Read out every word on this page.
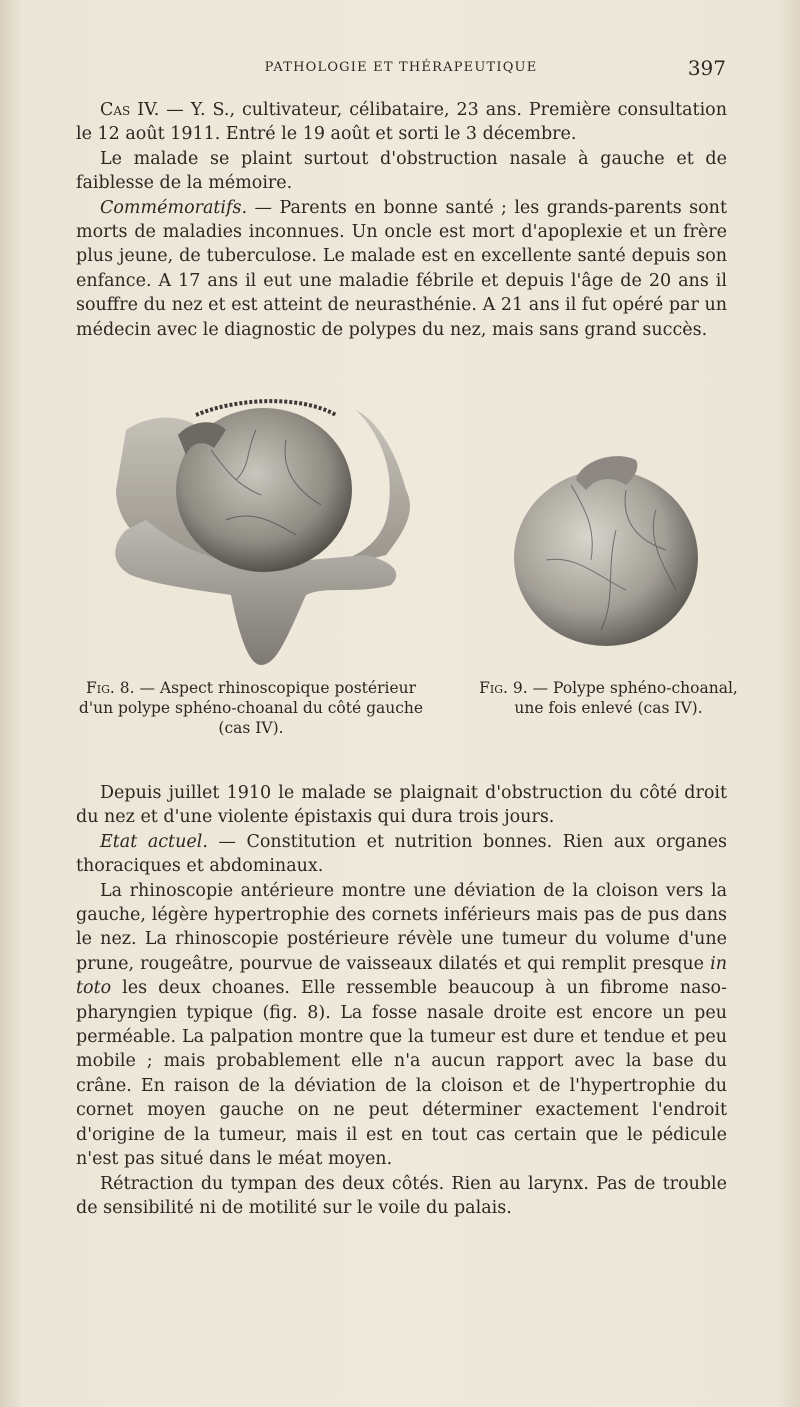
PATHOLOGIE ET THÉRAPEUTIQUE	397

Cas IV. — Y. S., cultivateur, célibataire, 23 ans. Première consultation le 12 août 1911. Entré le 19 août et sorti le 3 décembre.

Le malade se plaint surtout d'obstruction nasale à gauche et de faiblesse de la mémoire.

Commémoratifs. — Parents en bonne santé ; les grands-parents sont morts de maladies inconnues. Un oncle est mort d'apoplexie et un frère plus jeune, de tuberculose. Le malade est en excellente santé depuis son enfance. A 17 ans il eut une maladie fébrile et depuis l'âge de 20 ans il souffre du nez et est atteint de neurasthénie. A 21 ans il fut opéré par un médecin avec le diagnostic de polypes du nez, mais sans grand succès.

Fig. 8. — Aspect rhinoscopique postérieur d'un polype sphéno-choanal du côté gauche (cas IV).
Fig. 9. — Polype sphéno-choanal, une fois enlevé (cas IV).

Depuis juillet 1910 le malade se plaignait d'obstruction du côté droit du nez et d'une violente épistaxis qui dura trois jours.

Etat actuel. — Constitution et nutrition bonnes. Rien aux organes thoraciques et abdominaux.

La rhinoscopie antérieure montre une déviation de la cloison vers la gauche, légère hypertrophie des cornets inférieurs mais pas de pus dans le nez. La rhinoscopie postérieure révèle une tumeur du volume d'une prune, rougeâtre, pourvue de vaisseaux dilatés et qui remplit presque in toto les deux choanes. Elle ressemble beaucoup à un fibrome naso-pharyngien typique (fig. 8). La fosse nasale droite est encore un peu perméable. La palpation montre que la tumeur est dure et tendue et peu mobile ; mais probablement elle n'a aucun rapport avec la base du crâne. En raison de la déviation de la cloison et de l'hypertrophie du cornet moyen gauche on ne peut déterminer exactement l'endroit d'origine de la tumeur, mais il est en tout cas certain que le pédicule n'est pas situé dans le méat moyen.

Rétraction du tympan des deux côtés. Rien au larynx. Pas de trouble de sensibilité ni de motilité sur le voile du palais.
